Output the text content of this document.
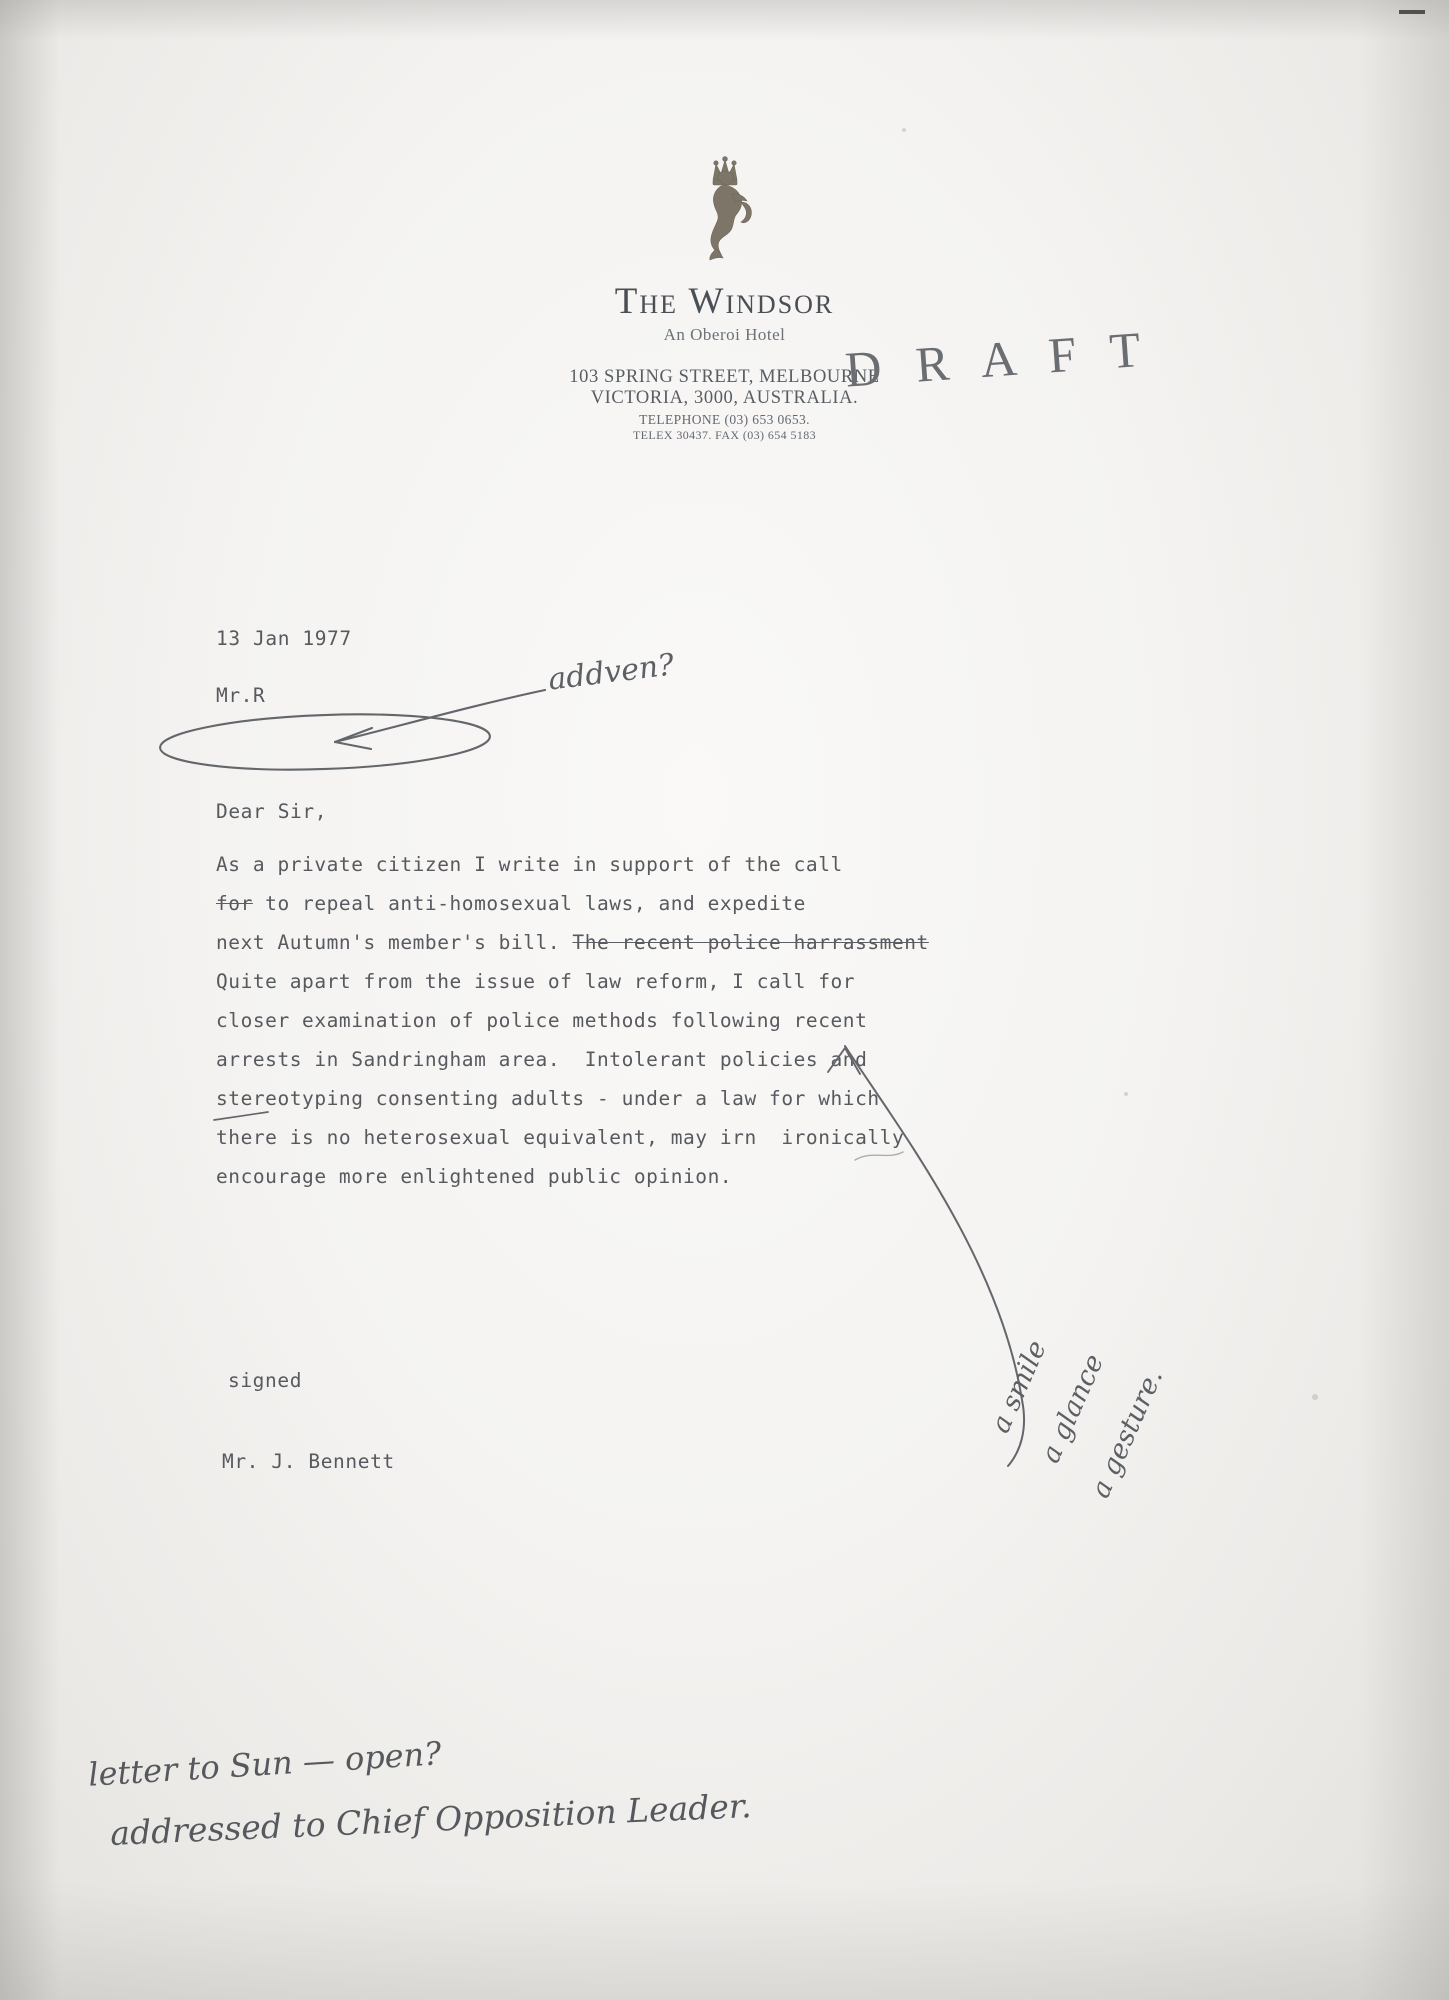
The Windsor
An Oberoi Hotel
103 SPRING STREET, MELBOURNE
VICTORIA, 3000, AUSTRALIA.
TELEPHONE (03) 653 0653.
TELEX 30437. FAX (03) 654 5183
13 Jan 1977
Mr.R
Dear Sir,
As a private citizen I write in support of the call
for to repeal anti-homosexual laws, and expedite
next Autumn's member's bill. The recent police harrassment
Quite apart from the issue of law reform, I call for
closer examination of police methods following recent
arrests in Sandringham area.  Intolerant policies and
stereotyping consenting adults - under a law for which
there is no heterosexual equivalent, may irn  ironically
encourage more enlightened public opinion.
signed
Mr. J. Bennett
D R A F T
addven?
a smile
a glance
a gesture.
letter to Sun — open?
addressed to Chief Opposition Leader.
